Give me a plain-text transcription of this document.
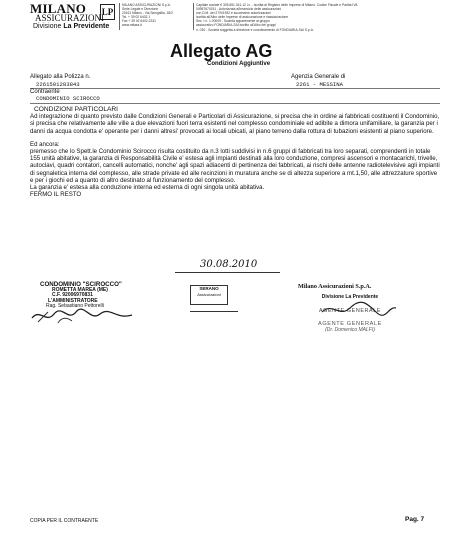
MILANO LP
ASSICURAZIONI
Divisione La Previdente
MILANO ASSICURAZIONI S.p.A.
Sede Legale e Direzione
20161 Milano - Via Senigallia, 18/2
Tel. + 39 02 6402.1
Fax + 39 02 6402.2331
www.milass.it
Capitale sociale € 305.851.341,12 i.v. - Iscritta al Registro delle Imprese di Milano, Codice Fiscale e Partita IVA
00957670151 - Autorizzata all'esercizio delle assicurazioni
con D.M. del 27/9/1932 e successive autorizzazioni
Iscritta all'Albo delle Imprese di assicurazione e riassicurazione
Sez. I n. 1.00009 - Società appartenente al gruppo
assicurativo FONDIARIA-SAI iscritto all'Albo dei gruppi
n. 030 - Società soggetta a direzione e coordinamento di FONDIARIA-SAI S.p.A.
Allegato AG
Condizioni Aggiuntive
Allegato alla Polizza n.
2261501283843
Agenzia Generale di
2261 - MESSINA
Contraente
CONDOMINIO SCIROCCO
CONDIZIONI PARTICOLARI
Ad integrazione di quanto previsto dalle Condizioni Generali e Particolari di Assicurazione, si precisa che in ordine ai fabbricati costituenti il Condominio, si precisa che relativamente alle ville a due elevazioni fuori terra esistenti nel complesso condominiale ed adibite a dimora unifamiliare, la garanzia per i danni da acqua condotta e' operante per i danni altresi' provocati ai locali ubicati, al piano terreno dalla rottura di tubazioni esistenti al piano superiore.
Ed ancora:
premesso che lo Spett.le Condominio Scirocco risulta costituito da n.3 lotti suddivisi in n.6 gruppi di fabbricati tra loro separati, comprendenti in totale 155 unità abitative, la garanzia di Responsabilità Civile e' estesa agli impianti destinati alla loro conduzione, compresi ascensori e montacarichi, trivelle, autoclavi, quadri contatori, cancelli automatici, nonche' agli spazi adiacenti di pertinenza dei fabbricati, ai rischi delle antenne radiotelevisive agli impianti di segnaletica interna del complesso, alle strade private ed alle recinzioni in muratura anche se di altezza superiore a mt.1,50, alle attrezzature sportive e per i giochi ed a quanto di altro destinato al funzionamento del complesso.
La garanzia e' estesa alla conduzione interna ed esterna di ogni singola unità abitativa.
FERMO IL RESTO
30.08.2010
CONDOMINIO "SCIROCCO"
ROMETTA MAREA (ME)
C.F. 92006970831
L'AMMINISTRATORE
Rag. Sebastiano Pettorelli
SERANO
Assicurazioni
Milano Assicurazioni S.p.A.
Divisione La Previdente
AGENTE GENERALE
AGENTE GENERALE
(Dr. Domenico MALFI)
COPIA PER IL CONTRAENTE	Pag. 7
